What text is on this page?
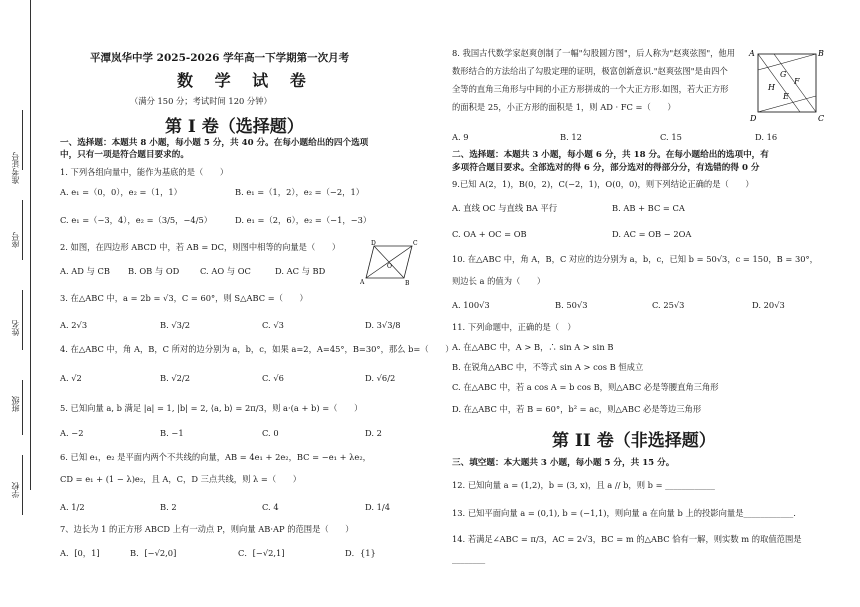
准考证号
座号
姓名
班级
学校
平潭岚华中学 2025-2026 学年高一下学期第一次月考
数 学 试 卷
（满分 150 分；考试时间 120 分钟）
第 I 卷（选择题）
一、选择题：本题共 8 小题，每小题 5 分，共 40 分。在每小题给出的四个选项
中，只有一项是符合题目要求的。
1. 下列各组向量中，能作为基底的是（　　）
A. e₁ =（0，0），e₂ =（1，1）	B. e₁ =（1，2），e₂ =（−2，1）
C. e₁ =（−3，4），e₂ =（3/5，−4/5）	D. e₁ =（2，6），e₂ =（−1，−3）
2. 如图，在四边形 ABCD 中，若 AB = DC，则图中相等的向量是（　　）
A. AD 与 CB B. OB 与 OD C. AO 与 OC	D. AC 与 BD
D	C
A	B
O
3. 在△ABC 中，a = 2b = √3，C = 60°，则 S△ABC =（　　）
A. 2√3	B. √3/2	C. √3	D. 3√3/8
4. 在△ABC 中，角 A，B，C 所对的边分别为 a，b，c，如果 a=2，A=45°，B=30°，那么 b=（　　）
A. √2	B. √2/2	C. √6	D. √6/2
5. 已知向量 a, b 满足 |a| = 1, |b| = 2, ⟨a, b⟩ = 2π/3，则 a·(a + b) =（　　）
A. −2	B. −1	C. 0	D. 2
6. 已知 e₁，e₂ 是平面内两个不共线的向量，AB = 4e₁ + 2e₂，BC = −e₁ + λe₂，
CD = e₁ + (1 − λ)e₂，且 A，C，D 三点共线，则 λ =（　　）
A. 1/2	B. 2	C. 4	D. 1/4
7、边长为 1 的正方形 ABCD 上有一动点 P，则向量 AB·AP 的范围是（　　）
A．[0，1]	B．[−√2,0]	C．[−√2,1]	D．{1}
8. 我国古代数学家赵爽创制了一幅"勾股圆方图"，后人称为"赵爽弦图"，他用
数形结合的方法给出了勾股定理的证明，极富创新意识."赵爽弦图"是由四个
全等的直角三角形与中间的小正方形拼成的一个大正方形.如图，若大正方形
的面积是 25，小正方形的面积是 1，则 AD · FC =（　　）
A. 9	B. 12	C. 15	D. 16
A	B
C
D
G
F
H
E
二、选择题：本题共 3 小题，每小题 6 分，共 18 分。在每小题给出的选项中，有
多项符合题目要求。全部选对的得 6 分，部分选对的得部分分，有选错的得 0 分
9.已知 A(2，1)，B(0，2)，C(−2，1)，O(0，0)，则下列结论正确的是（　　）
A. 直线 OC 与直线 BA 平行	B. AB + BC = CA
C. OA + OC = OB	D. AC = OB − 2OA
10. 在△ABC 中，角 A，B，C 对应的边分别为 a，b，c，已知 b = 50√3，c = 150，B = 30°，
则边长 a 的值为（　　）
A. 100√3	B. 50√3	C. 25√3	D. 20√3
11. 下列命题中，正确的是（　）
A. 在△ABC 中，A > B，∴ sin A > sin B
B. 在锐角△ABC 中，不等式 sin A > cos B 恒成立
C. 在△ABC 中，若 a cos A = b cos B，则△ABC 必是等腰直角三角形
D. 在△ABC 中，若 B = 60°，b² = ac，则△ABC 必是等边三角形
第 II 卷（非选择题）
三、填空题：本大题共 3 小题，每小题 5 分，共 15 分。
12. 已知向量 a = (1,2)，b = (3, x)，且 a // b，则 b = ____________
13. 已知平面向量 a = (0,1), b = (−1,1)，则向量 a 在向量 b 上的投影向量是____________.
14. 若满足∠ABC = π/3，AC = 2√3，BC = m 的△ABC 恰有一解，则实数 m 的取值范围是
________
